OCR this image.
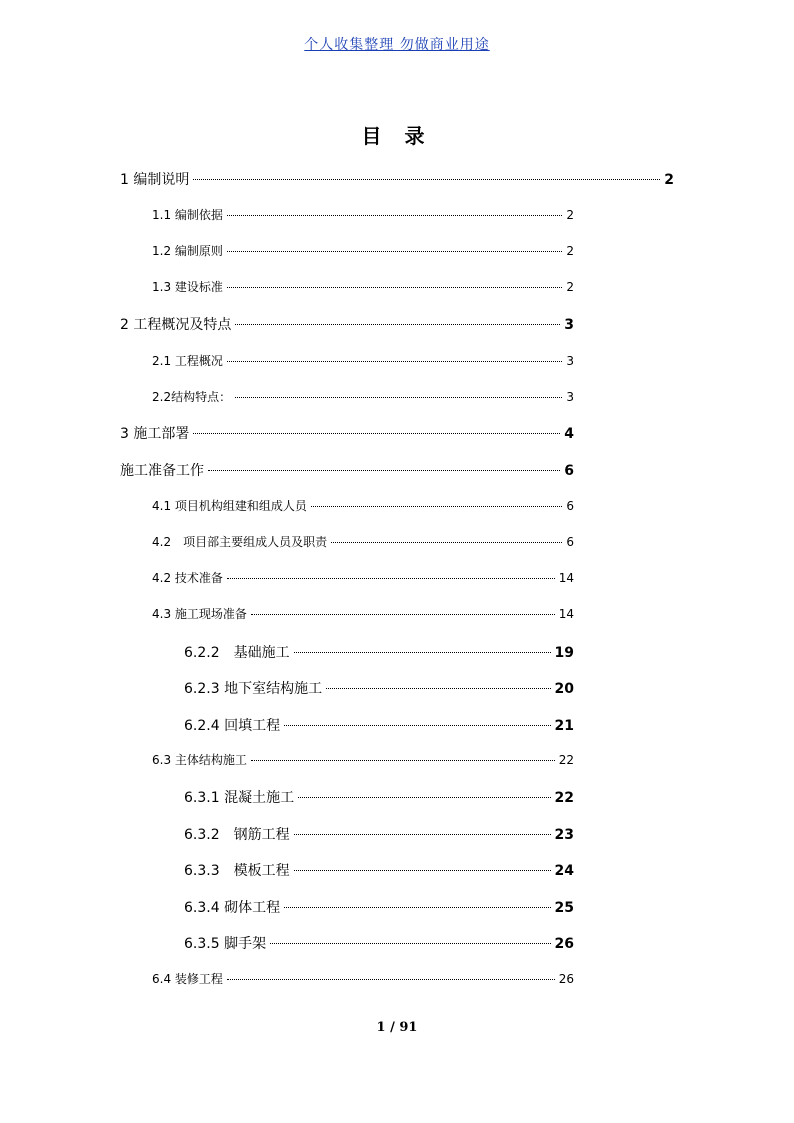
个人收集整理 勿做商业用途
目 录
1 编制说明	2
1.1 编制依据	2
1.2 编制原则	2
1.3 建设标准	2
2 工程概况及特点	3
2.1 工程概况	3
2.2结构特点：	3
3 施工部署	4
施工准备工作	6
4.1 项目机构组建和组成人员	6
4.2　项目部主要组成人员及职责	6
4.2 技术准备	14
4.3 施工现场准备	14
6.2.2　基础施工	19
6.2.3 地下室结构施工	20
6.2.4 回填工程	21
6.3 主体结构施工	22
6.3.1 混凝土施工	22
6.3.2　钢筋工程	23
6.3.3　模板工程	24
6.3.4 砌体工程	25
6.3.5 脚手架	26
6.4 装修工程	26
1 / 91
